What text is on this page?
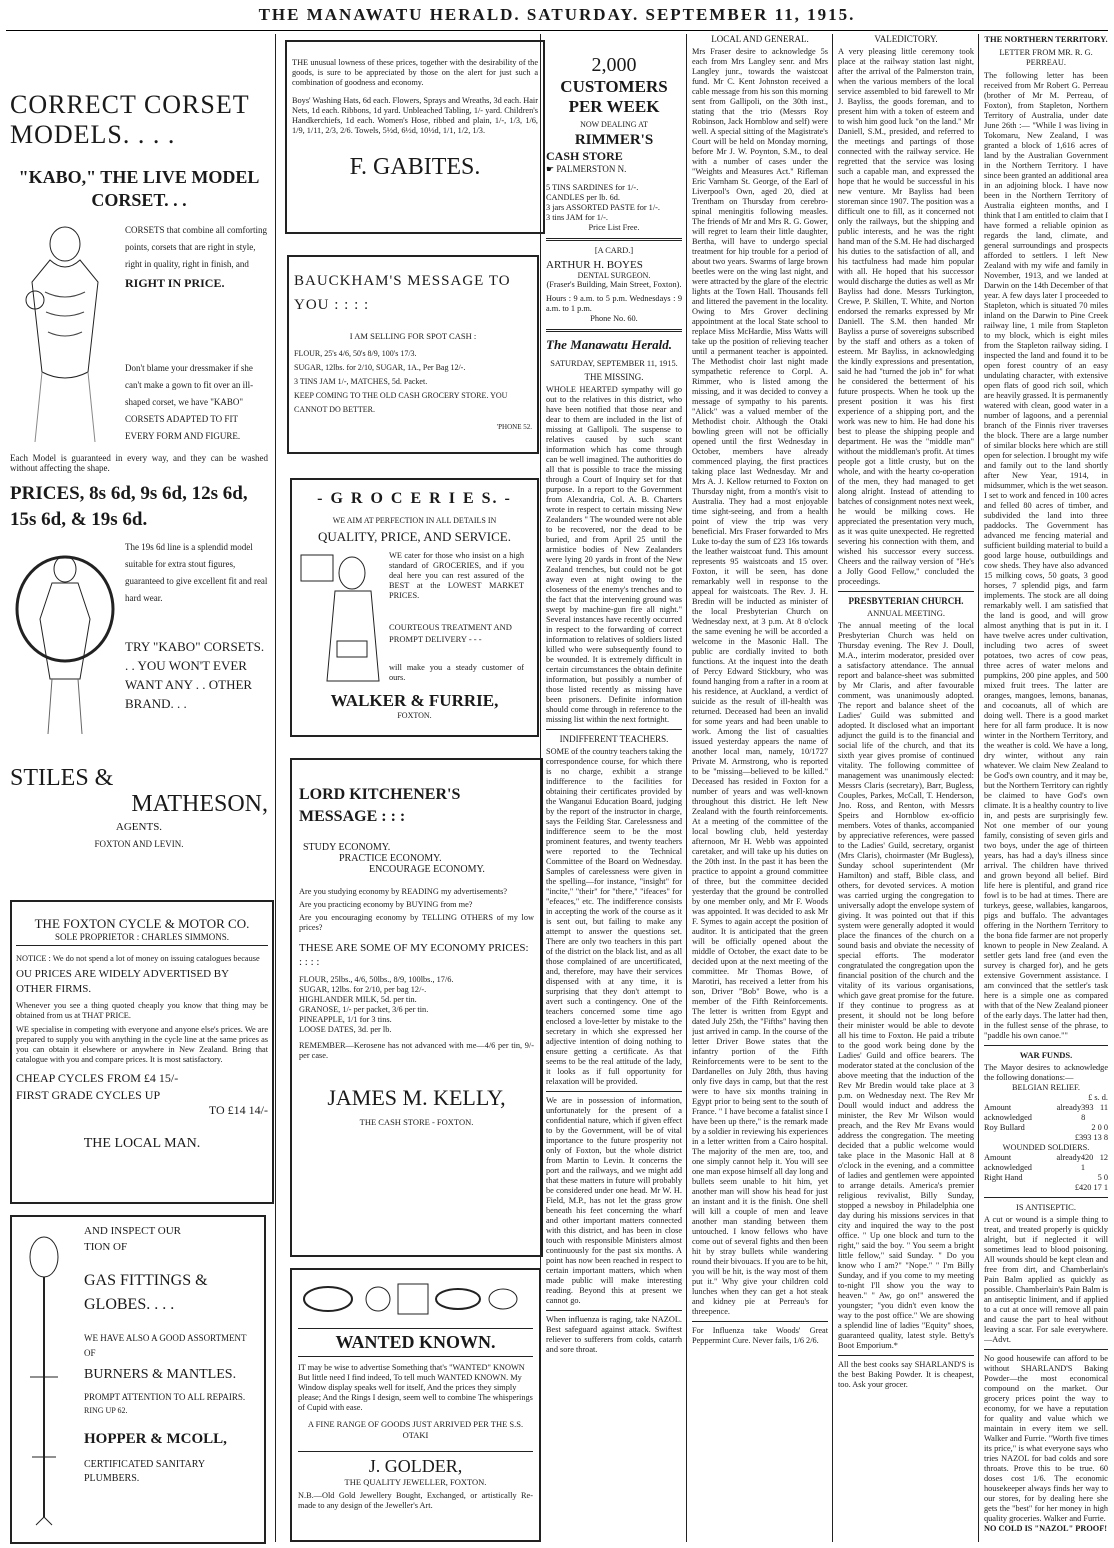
THE MANAWATU HERALD. SATURDAY. SEPTEMBER 11, 1915.
CORRECT CORSET MODELS. . . .
"KABO," THE LIVE MODEL CORSET. . .
CORSETS that combine all comforting points, corsets that are right in style, right in quality, right in finish, and
RIGHT IN PRICE.
Don't blame your dressmaker if she can't make a gown to fit over an ill-shaped corset, we have "KABO" CORSETS ADAPTED TO FIT EVERY FORM AND FIGURE.
Each Model is guaranteed in every way, and they can be washed without affecting the shape.
PRICES, 8s 6d, 9s 6d, 12s 6d, 15s 6d, & 19s 6d.
The 19s 6d line is a splendid model suitable for extra stout figures, guaranteed to give excellent fit and real hard wear.
TRY "KABO" CORSETS. . . YOU WON'T EVER WANT ANY . . OTHER BRAND. . .
STILES &
MATHESON,
AGENTS.
FOXTON AND LEVIN.
THE FOXTON CYCLE & MOTOR CO.
SOLE PROPRIETOR : CHARLES SIMMONS.
NOTICE : We do not spend a lot of money on issuing catalogues because
OU PRICES ARE WIDELY ADVERTISED BY OTHER FIRMS.
Whenever you see a thing quoted cheaply you know that thing may be obtained from us at THAT PRICE.
WE specialise in competing with everyone and anyone else's prices. We are prepared to supply you with anything in the cycle line at the same prices as you can obtain it elsewhere or anywhere in New Zealand. Bring that catalogue with you and compare prices. It is most satisfactory.
CHEAP CYCLES FROM £4 15/-
FIRST GRADE CYCLES UP
TO £14 14/-
THE LOCAL MAN.
AND INSPECT OUR
TION OF
GAS FITTINGS & GLOBES. . . .
WE HAVE ALSO A GOOD ASSORTMENT OF
BURNERS & MANTLES.
PROMPT ATTENTION TO ALL REPAIRS.
RING UP 62.
HOPPER & MCOLL,
CERTIFICATED SANITARY PLUMBERS.
THE unusual lowness of these prices, together with the desirability of the goods, is sure to be appreciated by those on the alert for just such a combination of goodness and economy.
Boys' Washing Hats, 6d each. Flowers, Sprays and Wreaths, 3d each. Hair Nets, 1d each. Ribbons, 1d yard. Unbleached Tabling, 1/- yard. Children's Handkerchiefs, 1d each. Women's Hose, ribbed and plain, 1/-, 1/3, 1/6, 1/9, 1/11, 2/3, 2/6. Towels, 5½d, 6½d, 10½d, 1/1, 1/2, 1/3.
F. GABITES.
BAUCKHAM'S MESSAGE TO YOU : : : :
I AM SELLING FOR SPOT CASH :
FLOUR, 25's 4/6, 50's 8/9, 100's 17/3.
SUGAR, 12lbs. for 2/10, SUGAR, 1A., Per Bag 12/-.
3 TINS JAM 1/-, MATCHES, 5d. Packet.
KEEP COMING TO THE OLD CASH GROCERY STORE. YOU CANNOT DO BETTER.
'PHONE 52.
- G R O C E R I E S. -
WE AIM AT PERFECTION IN ALL DETAILS IN
QUALITY, PRICE, AND SERVICE.
WE cater for those who insist on a high standard of GROCERIES, and if you deal here you can rest assured of the BEST at the LOWEST MARKET PRICES.
COURTEOUS TREATMENT AND PROMPT DELIVERY - - -
will make you a steady customer of ours.
WALKER & FURRIE,
FOXTON.
LORD KITCHENER'S MESSAGE : : :
STUDY ECONOMY.
PRACTICE ECONOMY.
ENCOURAGE ECONOMY.
Are you studying economy by READING my advertisements?
Are you practicing economy by BUYING from me?
Are you encouraging economy by TELLING OTHERS of my low prices?
THESE ARE SOME OF MY ECONOMY PRICES: : : : :
FLOUR, 25lbs., 4/6, 50lbs., 8/9, 100lbs., 17/6.
SUGAR, 12lbs. for 2/10, per bag 12/-.
HIGHLANDER MILK, 5d. per tin.
GRANOSE, 1/- per packet, 3/6 per tin.
PINEAPPLE, 1/1 for 3 tins.
LOOSE DATES, 3d. per lb.
REMEMBER—Kerosene has not advanced with me—4/6 per tin, 9/- per case.
JAMES M. KELLY,
THE CASH STORE - FOXTON.
WANTED KNOWN.
IT may be wise to advertise Something that's "WANTED" KNOWN But little need I find indeed, To tell much WANTED KNOWN. My Window display speaks well for itself, And the prices they simply please; And the Rings I design, seem well to combine The whisperings of Cupid with ease.
A FINE RANGE OF GOODS JUST ARRIVED PER THE S.S. OTAKI
J. GOLDER,
THE QUALITY JEWELLER, FOXTON.
N.B.—Old Gold Jewellery Bought, Exchanged, or artistically Re-made to any design of the Jeweller's Art.
2,000
CUSTOMERS
PER WEEK
NOW DEALING AT
RIMMER'S
CASH STORE
☛ PALMERSTON N.
5 TINS SARDINES for 1/-.
CANDLES per lb. 6d.
3 jars ASSORTED PASTE for 1/-.
3 tins JAM for 1/-.
Price List Free.
[A CARD.]
ARTHUR H. BOYES
DENTAL SURGEON.
(Fraser's Building, Main Street, Foxton).
Hours : 9 a.m. to 5 p.m. Wednesdays : 9 a.m. to 1 p.m.
Phone No. 60.
The Manawatu Herald.
SATURDAY, SEPTEMBER 11, 1915.
THE MISSING.
WHOLE HEARTED sympathy will go out to the relatives in this district, who have been notified that those near and dear to them are included in the list of missing at Gallipoli. The suspense to relatives caused by such scant information which has come through can be well imagined. The authorities do all that is possible to trace the missing through a Court of Inquiry set for that purpose. In a report to the Government from Alexandria, Col. A. B. Charters wrote in respect to certain missing New Zealanders " The wounded were not able to be recovered, nor the dead to be buried, and from April 25 until the armistice bodies of New Zealanders were lying 20 yards in front of the New Zealand trenches, but could not be got away even at night owing to the closeness of the enemy's trenches and to the fact that the intervening ground was swept by machine-gun fire all night." Several instances have recently occurred in respect to the forwarding of correct information to relatives of soldiers listed killed who were subsequently found to be wounded. It is extremely difficult in certain circumstances the obtain definite information, but possibly a number of those listed recently as missing have been prisoners. Definite information should come through in reference to the missing list within the next fortnight.
INDIFFERENT TEACHERS.
SOME of the country teachers taking the correspondence course, for which there is no charge, exhibit a strange indifference to the facilities for obtaining their certificates provided by the Wanganui Education Board, judging by the report of the instructor in charge, says the Feilding Star. Carelessness and indifference seem to be the most prominent features, and twenty teachers were reported to the Technical Committee of the Board on Wednesday. Samples of carelessness were given in the spelling—for instance, "insight" for "incite," "their" for "there," "ifeaces" for "efeaces," etc. The indifference consists in accepting the work of the course as it is sent out, but failing to make any attempt to answer the questions set. There are only two teachers in this part of the district on the black list, and as all those complained of are uncertificated, and, therefore, may have their services dispensed with at any time, it is surprising that they don't attempt to avert such a contingency. One of the teachers concerned some time ago enclosed a love-letter by mistake to the secretary in which she expressed her adjective intention of doing nothing to ensure getting a certificate. As that seems to be the real attitude of the lady, it looks as if full opportunity for relaxation will be provided.
We are in possession of information, unfortunately for the present of a confidential nature, which if given effect to by the Government, will be of vital importance to the future prosperity not only of Foxton, but the whole district from Martin to Levin. It concerns the port and the railways, and we might add that these matters in future will probably be considered under one head. Mr W. H. Field, M.P., has not let the grass grow beneath his feet concerning the wharf and other important matters connected with this district, and has been in close touch with responsible Ministers almost continuously for the past six months. A point has now been reached in respect to certain important matters, which when made public will make interesting reading. Beyond this at present we cannot go.
When influenza is raging, take NAZOL. Best safeguard against attack. Swiftest reliever to sufferers from colds, catarrh and sore throat.
LOCAL AND GENERAL.
Mrs Fraser desire to acknowledge 5s each from Mrs Langley senr. and Mrs Langley junr., towards the waistcoat fund. Mr C. Kent Johnston received a cable message from his son this morning sent from Gallipoli, on the 30th inst., stating that the trio (Messrs Roy Robinson, Jack Hornblow and self) were well. A special sitting of the Magistrate's Court will be held on Monday morning, before Mr J. W. Poynton, S.M., to deal with a number of cases under the "Weights and Measures Act." Rifleman Eric Varnham St. George, of the Earl of Liverpool's Own, aged 20, died at Trentham on Thursday from cerebro-spinal meningitis following measles. The friends of Mr and Mrs R. G. Gower, will regret to learn their little daughter, Bertha, will have to undergo special treatment for hip trouble for a period of about two years. Swarms of large brown beetles were on the wing last night, and were attracted by the glare of the electric lights at the Town Hall. Thousands fell and littered the pavement in the locality. Owing to Mrs Grover declining appointment at the local State school to replace Miss McHardie, Miss Watts will take up the position of relieving teacher until a permanent teacher is appointed. The Methodist choir last night made sympathetic reference to Corpl. A. Rimmer, who is listed among the missing, and it was decided to convey a message of sympathy to his parents. "Alick" was a valued member of the Methodist choir. Although the Otaki bowling green will not be officially opened until the first Wednesday in October, members have already commenced playing, the first practices taking place last Wednesday. Mr and Mrs A. J. Kellow returned to Foxton on Thursday night, from a month's visit to Australia. They had a most enjoyable time sight-seeing, and from a health point of view the trip was very beneficial. Mrs Fraser forwarded to Mrs Luke to-day the sum of £23 16s towards the leather waistcoat fund. This amount represents 95 waistcoats and 15 over. Foxton, it will be seen, has done remarkably well in response to the appeal for waistcoats. The Rev. J. H. Bredin will be inducted as minister of the local Presbyterian Church on Wednesday next, at 3 p.m. At 8 o'clock the same evening he will be accorded a welcome in the Masonic Hall. The public are cordially invited to both functions. At the inquest into the death of Percy Edward Stickbury, who was found hanging from a rafter in a room at his residence, at Auckland, a verdict of suicide as the result of ill-health was returned. Deceased had been an invalid for some years and had been unable to work. Among the list of casualties issued yesterday appears the name of another local man, namely, 10/1727 Private M. Armstrong, who is reported to be "missing—believed to be killed." Deceased has resided in Foxton for a number of years and was well-known throughout this district. He left New Zealand with the fourth reinforcements. At a meeting of the committee of the local bowling club, held yesterday afternoon, Mr H. Webb was appointed caretaker, and will take up his duties on the 20th inst. In the past it has been the practice to appoint a ground committee of three, but the committee decided yesterday that the ground be controlled by one member only, and Mr F. Woods was appointed. It was decided to ask Mr F. Symes to again accept the position of auditor. It is anticipated that the green will be officially opened about the middle of October, the exact date to be decided upon at the next meeting of the committee. Mr Thomas Bowe, of Marotiri, has received a letter from his son, Driver "Bob" Bowe, who is a member of the Fifth Reinforcements. The letter is written from Egypt and dated July 25th, the "Fifths" having then just arrived in camp. In the course of the letter Driver Bowe states that the infantry portion of the Fifth Reinforcements were to be sent to the Dardanelles on July 28th, thus having only five days in camp, but that the rest were to have six months training in Egypt prior to being sent to the south of France. " I have become a fatalist since I have been up there," is the remark made by a soldier in reviewing his experiences in a letter written from a Cairo hospital. The majority of the men are, too, and one simply cannot help it. You will see one man expose himself all day long and bullets seem unable to hit him, yet another man will show his head for just an instant and it is the finish. One shell will kill a couple of men and leave another man standing between them untouched. I know fellows who have come out of several fights and then been hit by stray bullets while wandering round their bivouacs. If you are to be hit, you will be hit, is the way most of them put it." Why give your children cold lunches when they can get a hot steak and kidney pie at Perreau's for threepence.
For Influenza take Woods' Great Peppermint Cure. Never fails, 1/6 2/6.
VALEDICTORY.
A very pleasing little ceremony took place at the railway station last night, after the arrival of the Palmerston train, when the various members of the local service assembled to bid farewell to Mr J. Bayliss, the goods foreman, and to present him with a token of esteem and to wish him good luck "on the land." Mr Daniell, S.M., presided, and referred to the meetings and partings of those connected with the railway service. He regretted that the service was losing such a capable man, and expressed the hope that he would be successful in his new venture. Mr Bayliss had been storeman since 1907. The position was a difficult one to fill, as it concerned not only the railways, but the shipping and public interests, and he was the right hand man of the S.M. He had discharged his duties to the satisfaction of all, and his tactfulness had made him popular with all. He hoped that his successor would discharge the duties as well as Mr Bayliss had done. Messrs Turkington, Crewe, P. Skillen, T. White, and Norton endorsed the remarks expressed by Mr Daniell. The S.M. then handed Mr Bayliss a purse of sovereigns subscribed by the staff and others as a token of esteem. Mr Bayliss, in acknowledging the kindly expressions and presentation, said he had "turned the job in" for what he considered the betterment of his future prospects. When he took up the present position it was his first experience of a shipping port, and the work was new to him. He had done his best to please the shipping people and department. He was the "middle man" without the middleman's profit. At times people got a little crusty, but on the whole, and with the hearty co-operation of the men, they had managed to get along alright. Instead of attending to batches of consignment notes next week, he would be milking cows. He appreciated the presentation very much, as it was quite unexpected. He regretted severing his connection with them, and wished his successor every success. Cheers and the railway version of "He's a Jolly Good Fellow," concluded the proceedings.
PRESBYTERIAN CHURCH.
ANNUAL MEETING.
The annual meeting of the local Presbyterian Church was held on Thursday evening. The Rev J. Doull, M.A., interim moderator, presided over a satisfactory attendance. The annual report and balance-sheet was submitted by Mr Claris, and after favourable comment, was unanimously adopted. The report and balance sheet of the Ladies' Guild was submitted and adopted. It disclosed what an important adjunct the guild is to the financial and social life of the church, and that its sixth year gives promise of continued vitality. The following committee of management was unanimously elected: Messrs Claris (secretary), Barr, Bugless, Couples, Parkes, McCall, T. Henderson, Jno. Ross, and Renton, with Messrs Speirs and Hornblow ex-officio members. Votes of thanks, accompanied by appreciative references, were passed to the Ladies' Guild, secretary, organist (Mrs Claris), choirmaster (Mr Bugless), Sunday school superintendent (Mr Hamilton) and staff, Bible class, and others, for devoted services. A motion was carried urging the congregation to universally adopt the envelope system of giving. It was pointed out that if this system were generally adopted it would place the finances of the church on a sound basis and obviate the necessity of special efforts. The moderator congratulated the congregation upon the financial position of the church and the vitality of its various organisations, which gave great promise for the future. If they continue to progress as at present, it should not be long before their minister would be able to devote all his time to Foxton. He paid a tribute to the good work being done by the Ladies' Guild and office bearers. The moderator stated at the conclusion of the above meeting that the induction of the Rev Mr Bredin would take place at 3 p.m. on Wednesday next. The Rev Mr Doull would induct and address the minister, the Rev Mr Wilson would preach, and the Rev Mr Evans would address the congregation. The meeting decided that a public welcome would take place in the Masonic Hall at 8 o'clock in the evening, and a committee of ladies and gentlemen were appointed to arrange details. America's premier religious revivalist, Billy Sunday, stopped a newsboy in Philadelphia one day during his missions services in that city and inquired the way to the post office. " Up one block and turn to the right," said the boy. " You seem a bright little fellow," said Sunday. " Do you know who I am?" "Nope." " I'm Billy Sunday, and if you come to my meeting to-night I'll show you the way to heaven." " Aw, go on!" answered the youngster; "you didn't even know the way to the post office." We are showing a splendid line of ladies "Equity" shoes, guaranteed quality, latest style. Betty's Boot Emporium.*
All the best cooks say SHARLAND'S is the best Baking Powder. It is cheapest, too. Ask your grocer.
THE NORTHERN TERRITORY.
LETTER FROM MR. R. G. PERREAU.
The following letter has been received from Mr Robert G. Perreau (brother of Mr M. Perreau, of Foxton), from Stapleton, Northern Territory of Australia, under date June 26th :— "While I was living in Tokomaru, New Zealand, I was granted a block of 1,616 acres of land by the Australian Government in the Northern Territory. I have since been granted an additional area in an adjoining block. I have now been in the Northern Territory of Australia eighteen months, and I think that I am entitled to claim that I have formed a reliable opinion as regards the land, climate, and general surroundings and prospects afforded to settlers. I left New Zealand with my wife and family in November, 1913, and we landed at Darwin on the 14th December of that year. A few days later I proceeded to Stapleton, which is situated 70 miles inland on the Darwin to Pine Creek railway line, 1 mile from Stapleton to my block, which is eight miles from the Stapleton railway siding. I inspected the land and found it to be open forest country of an easy undulating character, with extensive open flats of good rich soil, which are heavily grassed. It is permanently watered with clean, good water in a number of lagoons, and a perennial branch of the Finnis river traverses the block. There are a large number of similar blocks here which are still open for selection. I brought my wife and family out to the land shortly after New Year, 1914, in midsummer, which is the wet season. I set to work and fenced in 100 acres and felled 80 acres of timber, and subdivided the land into three paddocks. The Government has advanced me fencing material and sufficient building material to build a good large house, outbuildings and cow sheds. They have also advanced 15 milking cows, 50 goats, 3 good horses, 7 splendid pigs, and farm implements. The stock are all doing remarkably well. I am satisfied that the land is good, and will grow almost anything that is put in it. I have twelve acres under cultivation, including two acres of sweet potatoes, two acres of cow peas, three acres of water melons and pumpkins, 200 pine apples, and 500 mixed fruit trees. The latter are oranges, mangoes, lemons, bananas, and cocoanuts, all of which are doing well. There is a good market here for all farm produce. It is now winter in the Northern Territory, and the weather is cold. We have a long, dry winter, without any rain whatever. We claim New Zealand to be God's own country, and it may be, but the Northern Territory can rightly be claimed to have God's own climate. It is a healthy country to live in, and pests are surprisingly few. Not one member of our young family, consisting of seven girls and two boys, under the age of thirteen years, has had a day's illness since arrival. The children have thrived and grown beyond all belief. Bird life here is plentiful, and grand rice fowl is to be had at times. There are turkeys, geese, wallabies, kangaroos, pigs and buffalo. The advantages offering in the Northern Territory to the bona fide farmer are not properly known to people in New Zealand. A settler gets land free (and even the survey is charged for), and he gets extensive Government assistance. I am convinced that the settler's task here is a simple one as compared with that of the New Zealand pioneer of the early days. The latter had then, in the fullest sense of the phrase, to "paddle his own canoe.""
WAR FUNDS.
The Mayor desires to acknowledge the following donations:—
BELGIAN RELIEF.
£ s. d.
Amount already acknowledged
393 11 8
Roy Bullard	2 0 0
£393 13 8
WOUNDED SOLDIERS.
Amount already acknowledged
420 12 1
Right Hand	5 0
£420 17 1
IS ANTISEPTIC.
A cut or wound is a simple thing to treat, and treated properly is quickly alright, but if neglected it will sometimes lead to blood poisoning. All wounds should be kept clean and free from dirt, and Chamberlain's Pain Balm applied as quickly as possible. Chamberlain's Pain Balm is an antiseptic liniment, and if applied to a cut at once will remove all pain and cause the part to heal without leaving a scar. For sale everywhere.—Advt.
No good housewife can afford to be without SHARLAND'S Baking Powder—the most economical compound on the market. Our grocery prices point the way to economy, for we have a reputation for quality and value which we maintain in every item we sell. Walker and Furrie. "Worth five times its price," is what everyone says who tries NAZOL for bad colds and sore throats. Prove this to be true. 60 doses cost 1/6. The economic housekeeper always finds her way to our stores, for by dealing here she gets the "best" for her money in high quality groceries. Walker and Furrie.
NO COLD IS "NAZOL" PROOF!
